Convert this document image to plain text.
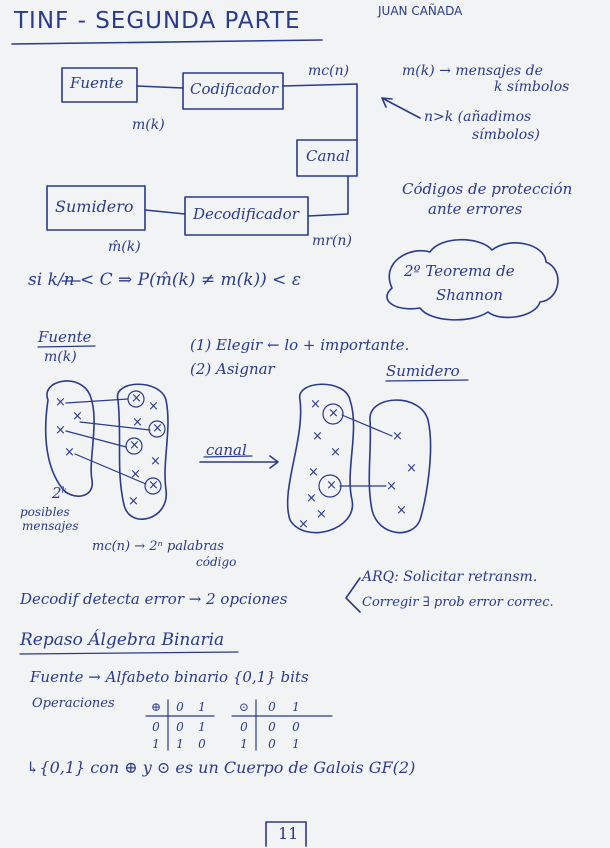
TINF - SEGUNDA PARTE	JUAN CAÑADA
Fuente	Codificador
Canal
Sumidero	Decodificador
m(k)
mc(n)
mr(n)
m̂(k)
m(k) → mensajes de
k símbolos
n>k (añadimos
símbolos)
Códigos de protección
ante errores
si k/n < C ⇒ P(m̂(k) ≠ m(k)) < ε	2º Teorema de
Shannon
Fuente
m(k)
(1) Elegir ← lo + importante.
(2) Asignar	Sumidero
canal
2ᵏ
posibles
mensajes
mc(n) → 2ⁿ palabras
código
×
×
×
×
×
×
× ×
×
×
×
×
×
×
×
×
×
×
×
×
×
×
×
×
×
×
Decodif detecta error → 2 opciones
ARQ: Solicitar retransm.
Corregir ∃ prob error correc.
Repaso Álgebra Binaria
Fuente → Alfabeto binario {0,1} bits
Operaciones	⊕	0	1
0	0	1
1	1	0
⊙	0	1
0	0	0
1	0	1
↳{0,1} con ⊕ y ⊙ es un Cuerpo de Galois GF(2)
11
